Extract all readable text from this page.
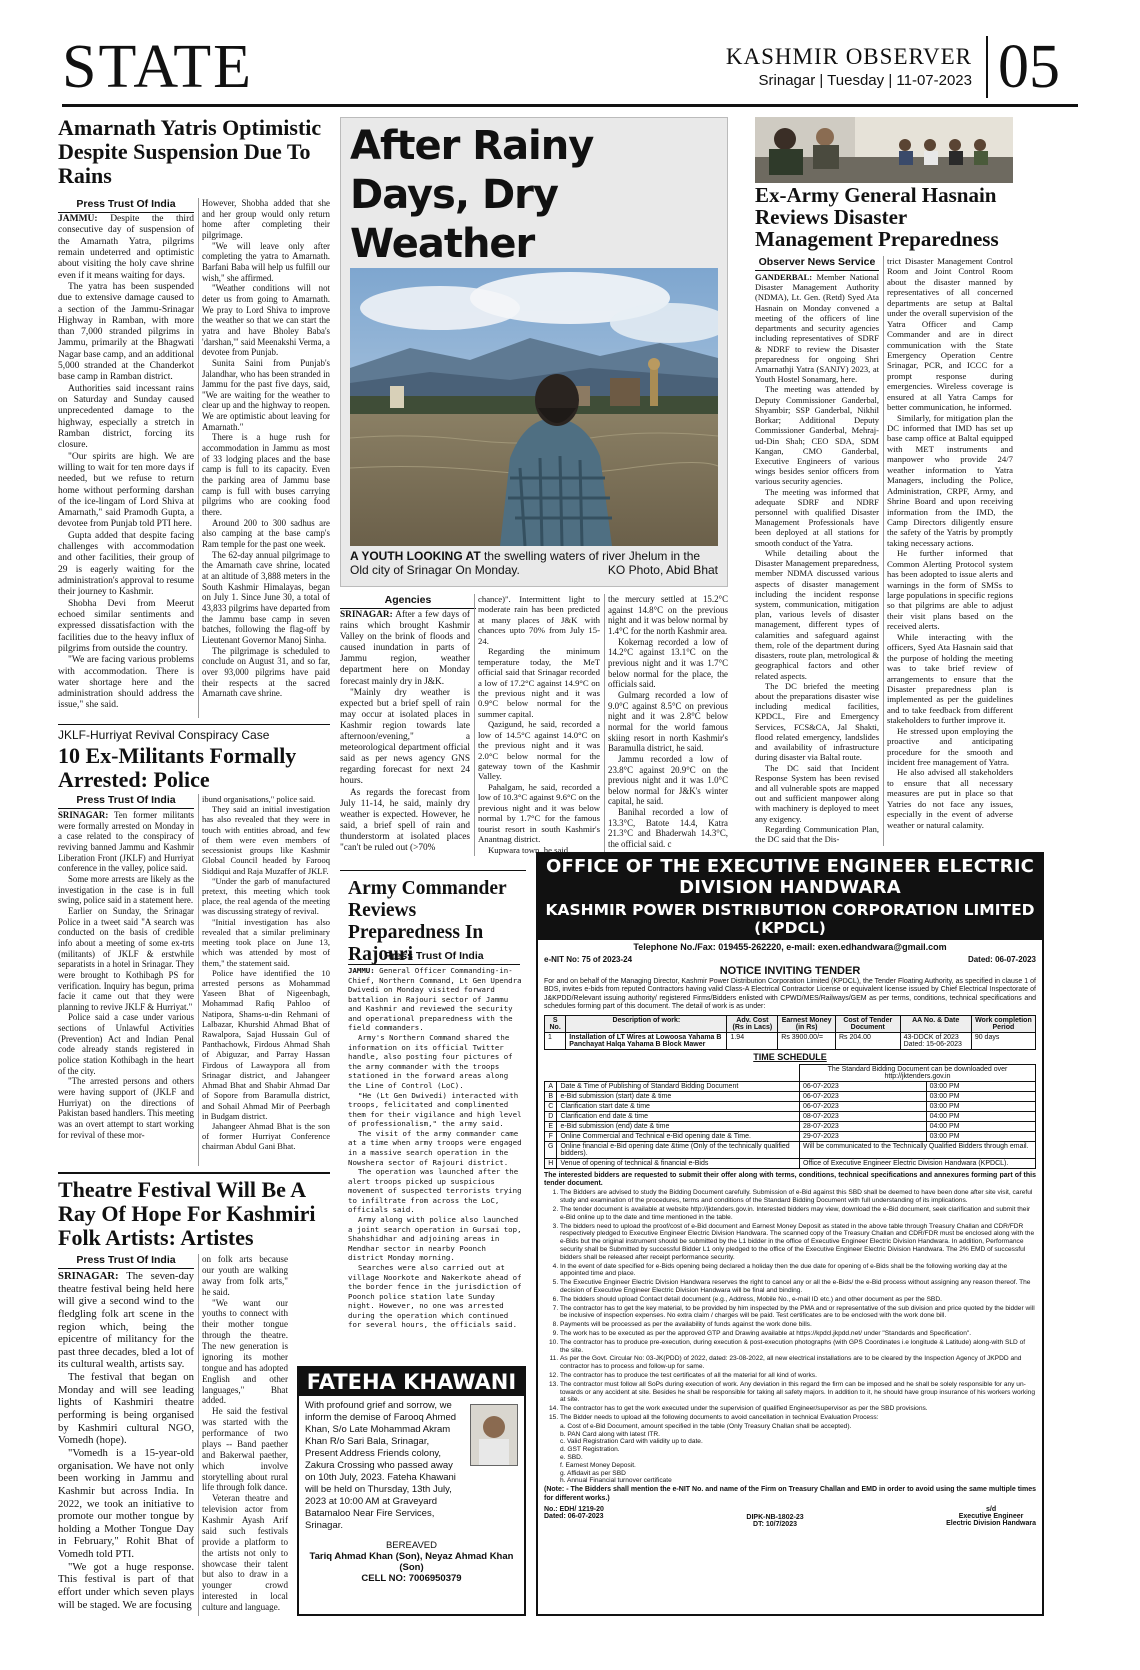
STATE	KASHMIR OBSERVER
Srinagar | Tuesday | 11-07-2023 05
Amarnath Yatris Optimistic Despite Suspension Due To Rains
Press Trust Of India

JAMMU: Despite the third consecutive day of suspension of the Amarnath Yatra, pilgrims remain undeterred and optimistic about visiting the holy cave shrine even if it means waiting for days.

The yatra has been suspended due to extensive damage caused to a section of the Jammu-Srinagar Highway in Ramban, with more than 7,000 stranded pilgrims in Jammu, primarily at the Bhagwati Nagar base camp, and an additional 5,000 stranded at the Chanderkot base camp in Ramban district.

Authorities said incessant rains on Saturday and Sunday caused unprecedented damage to the highway, especially a stretch in Ramban district, forcing its closure.

"Our spirits are high. We are willing to wait for ten more days if needed, but we refuse to return home without performing darshan of the ice-lingam of Lord Shiva at Amarnath," said Pramodh Gupta, a devotee from Punjab told PTI here.

Gupta added that despite facing challenges with accommodation and other facilities, their group of 29 is eagerly waiting for the administration's approval to resume their journey to Kashmir.

Shobha Devi from Meerut echoed similar sentiments and expressed dissatisfaction with the facilities due to the heavy influx of pilgrims from outside the country.

"We are facing various problems with accommodation. There is water shortage here and the administration should address the issue," she said.

However, Shobha added that she and her group would only return home after completing their pilgrimage.

"We will leave only after completing the yatra to Amarnath. Barfani Baba will help us fulfill our wish," she affirmed.

"Weather conditions will not deter us from going to Amarnath. We pray to Lord Shiva to improve the weather so that we can start the yatra and have Bholey Baba's 'darshan,'" said Meenakshi Verma, a devotee from Punjab.

Sunita Saini from Punjab's Jalandhar, who has been stranded in Jammu for the past five days, said, "We are waiting for the weather to clear up and the highway to reopen. We are optimistic about leaving for Amarnath."

There is a huge rush for accommodation in Jammu as most of 33 lodging places and the base camp is full to its capacity. Even the parking area of Jammu base camp is full with buses carrying pilgrims who are cooking food there.

Around 200 to 300 sadhus are also camping at the base camp's Ram temple for the past one week.

The 62-day annual pilgrimage to the Amarnath cave shrine, located at an altitude of 3,888 meters in the South Kashmir Himalayas, began on July 1. Since June 30, a total of 43,833 pilgrims have departed from the Jammu base camp in seven batches, following the flag-off by Lieutenant Governor Manoj Sinha.

The pilgrimage is scheduled to conclude on August 31, and so far, over 93,000 pilgrims have paid their respects at the sacred Amarnath cave shrine.

JKLF-Hurriyat Revival Conspiracy Case
10 Ex-Militants Formally Arrested: Police
Press Trust Of India

SRINAGAR: Ten former militants were formally arrested on Monday in a case related to the conspiracy of reviving banned Jammu and Kashmir Liberation Front (JKLF) and Hurriyat conference in the valley, police said.

Some more arrests are likely as the investigation in the case is in full swing, police said in a statement here.

Earlier on Sunday, the Srinagar Police in a tweet said "A search was conducted on the basis of credible info about a meeting of some ex-trts (militants) of JKLF & erstwhile separatists in a hotel in Srinagar. They were brought to Kothibagh PS for verification. Inquiry has begun, prima facie it came out that they were planning to revive JKLF & Hurriyat."

Police said a case under various sections of Unlawful Activities (Prevention) Act and Indian Penal code already stands registered in police station Kothibagh in the heart of the city.

"The arrested persons and others were having support of (JKLF and Hurriyat) on the directions of Pakistan based handlers. This meeting was an overt attempt to start working for revival of these mor-

ibund organisations," police said.

They said an initial investigation has also revealed that they were in touch with entities abroad, and few of them were even members of secessionist groups like Kashmir Global Council headed by Farooq Siddiqui and Raja Muzaffer of JKLF.

"Under the garb of manufactured pretext, this meeting which took place, the real agenda of the meeting was discussing strategy of revival.

"Initial investigation has also revealed that a similar preliminary meeting took place on June 13, which was attended by most of them," the statement said.

Police have identified the 10 arrested persons as Mohammad Yaseen Bhat of Nigeenbagh, Mohammad Rafiq Pahloo of Natipora, Shams-u-din Rehmani of Lalbazar, Khurshid Ahmad Bhat of Rawalpora, Sajad Hussain Gul of Panthachowk, Firdous Ahmad Shah of Abiguzar, and Parray Hassan Firdous of Lawaypora all from Srinagar district, and Jahangeer Ahmad Bhat and Shabir Ahmad Dar of Sopore from Baramulla district, and Sohail Ahmad Mir of Peerbagh in Budgam district.

Jahangeer Ahmad Bhat is the son of former Hurriyat Conference chairman Abdul Gani Bhat.

Theatre Festival Will Be A Ray Of Hope For Kashmiri Folk Artists: Artistes
Press Trust Of India

SRINAGAR: The seven-day theatre festival being held here will give a second wind to the fledgling folk art scene in the region which, being the epicentre of militancy for the past three decades, bled a lot of its cultural wealth, artists say.

The festival that began on Monday and will see leading lights of Kashmiri theatre performing is being organised by Kashmiri cultural NGO, Vomedh (hope).

"Vomedh is a 15-year-old organisation. We have not only been working in Jammu and Kashmir but across India. In 2022, we took an initiative to promote our mother tongue by holding a Mother Tongue Day in February," Rohit Bhat of Vomedh told PTI.

"We got a huge response. This festival is part of that effort under which seven plays will be staged. We are focusing

on folk arts because our youth are walking away from folk arts," he said.

"We want our youths to connect with their mother tongue through the theatre. The new generation is ignoring its mother tongue and has adopted English and other languages," Bhat added.

He said the festival was started with the performance of two plays -- Band paether and Bakerwal paether, which involve storytelling about rural life through folk dance.

Veteran theatre and television actor from Kashmir Ayash Arif said such festivals provide a platform to the artists not only to showcase their talent but also to draw in a younger crowd interested in local culture and language.

After Rainy Days, Dry Weather
A YOUTH LOOKING AT the swelling waters of river Jhelum in the Old city of Srinagar On Monday.	KO Photo, Abid Bhat
Agencies

SRINAGAR: After a few days of rains which brought Kashmir Valley on the brink of floods and caused inundation in parts of Jammu region, weather department here on Monday forecast mainly dry in J&K.

"Mainly dry weather is expected but a brief spell of rain may occur at isolated places in Kashmir region towards late afternoon/evening," a meteorological department official said as per news agency GNS regarding forecast for next 24 hours.

As regards the forecast from July 11-14, he said, mainly dry weather is expected. However, he said, a brief spell of rain and thunderstorm at isolated places "can't be ruled out (>70%

chance)". Intermittent light to moderate rain has been predicted at many places of J&K with chances upto 70% from July 15-24.

Regarding the minimum temperature today, the MeT official said that Srinagar recorded a low of 17.2°C against 14.9°C on the previous night and it was 0.9°C below normal for the summer capital.

Qazigund, he said, recorded a low of 14.5°C against 14.0°C on the previous night and it was 2.0°C below normal for the gateway town of the Kashmir Valley.

Pahalgam, he said, recorded a low of 10.3°C against 9.6°C on the previous night and it was below normal by 1.7°C for the famous tourist resort in south Kashmir's Anantnag district.

Kupwara town, he said,

the mercury settled at 15.2°C against 14.8°C on the previous night and it was below normal by 1.4°C for the north Kashmir area.

Kokernag recorded a low of 14.2°C against 13.1°C on the previous night and it was 1.7°C below normal for the place, the officials said.

Gulmarg recorded a low of 9.0°C against 8.5°C on previous night and it was 2.8°C below normal for the world famous skiing resort in north Kashmir's Baramulla district, he said.

Jammu recorded a low of 23.8°C against 20.9°C on the previous night and it was 1.0°C below normal for J&K's winter capital, he said.

Banihal recorded a low of 13.3°C, Batote 14.4, Katra 21.3°C and Bhaderwah 14.3°C, the official said. c

Ex-Army General Hasnain Reviews Disaster Management Preparedness
Observer News Service

GANDERBAL: Member National Disaster Management Authority (NDMA), Lt. Gen. (Retd) Syed Ata Hasnain on Monday convened a meeting of the officers of line departments and security agencies including representatives of SDRF & NDRF to review the Disaster preparedness for ongoing Shri Amarnathji Yatra (SANJY) 2023, at Youth Hostel Sonamarg, here.

The meeting was attended by Deputy Commissioner Ganderbal, Shyambir; SSP Ganderbal, Nikhil Borkar; Additional Deputy Commissioner Ganderbal, Mehraj-ud-Din Shah; CEO SDA, SDM Kangan, CMO Ganderbal, Executive Engineers of various wings besides senior officers from various security agencies.

The meeting was informed that adequate SDRF and NDRF personnel with qualified Disaster Management Professionals have been deployed at all stations for smooth conduct of the Yatra.

While detailing about the Disaster Management preparedness, member NDMA discussed various aspects of disaster management including the incident response system, communication, mitigation plan, various levels of disaster management, different types of calamities and safeguard against them, role of the department during disasters, route plan, metrological & geographical factors and other related aspects.

The DC briefed the meeting about the preparations disaster wise including medical facilities, KPDCL, Fire and Emergency Services, FCS&CA, Jal Shakti, flood related emergency, landslides and availability of infrastructure during disaster via Baltal route.

The DC said that Incident Response System has been revised and all vulnerable spots are mapped out and sufficient manpower along with machinery is deployed to meet any exigency.

Regarding Communication Plan, the DC said that the Dis-

trict Disaster Management Control Room and Joint Control Room about the disaster manned by representatives of all concerned departments are setup at Baltal under the overall supervision of the Yatra Officer and Camp Commander and are in direct communication with the State Emergency Operation Centre Srinagar, PCR, and ICCC for a prompt response during emergencies. Wireless coverage is ensured at all Yatra Camps for better communication, he informed.

Similarly, for mitigation plan the DC informed that IMD has set up base camp office at Baltal equipped with MET instruments and manpower who provide 24/7 weather information to Yatra Managers, including the Police, Administration, CRPF, Army, and Shrine Board and upon receiving information from the IMD, the Camp Directors diligently ensure the safety of the Yatris by promptly taking necessary actions.

He further informed that Common Alerting Protocol system has been adopted to issue alerts and warnings in the form of SMSs to large populations in specific regions so that pilgrims are able to adjust their visit plans based on the received alerts.

While interacting with the officers, Syed Ata Hasnain said that the purpose of holding the meeting was to take brief review of arrangements to ensure that the Disaster preparedness plan is implemented as per the guidelines and to take feedback from different stakeholders to further improve it.

He stressed upon employing the proactive and anticipating procedure for the smooth and incident free management of Yatra.

He also advised all stakeholders to ensure that all necessary measures are put in place so that Yatries do not face any issues, especially in the event of adverse weather or natural calamity.

Army Commander Reviews Preparedness In Rajouri
Press Trust Of India

JAMMU: General Officer Commanding-in-Chief, Northern Command, Lt Gen Upendra Dwivedi on Monday visited forward battalion in Rajouri sector of Jammu and Kashmir and reviewed the security and operational preparedness with the field commanders.

Army's Northern Command shared the information on its official Twitter handle, also posting four pictures of the army commander with the troops stationed in the forward areas along the Line of Control (LoC).

"He (Lt Gen Dwivedi) interacted with troops, felicitated and complimented them for their vigilance and high level of professionalism," the army said.

The visit of the army commander came at a time when army troops were engaged in a massive search operation in the Nowshera sector of Rajouri district.

The operation was launched after the alert troops picked up suspicious movement of suspected terrorists trying to infiltrate from across the LoC, officials said.

Army along with police also launched a joint search operation in Gursai top, Shahshidhar and adjoining areas in Mendhar sector in nearby Poonch district Monday morning.

Searches were also carried out at village Noorkote and Nakerkote ahead of the border fence in the jurisdiction of Poonch police station late Sunday night. However, no one was arrested during the operation which continued for several hours, the officials said.

FATEHA KHAWANI
With profound grief and sorrow, we inform the demise of Farooq Ahmed Khan, S/o Late Mohammad Akram Khan R/o Sari Bala, Srinagar, Present Address Friends colony, Zakura Crossing who passed away on 10th July, 2023. Fateha Khawani will be held on Thursday, 13th July, 2023 at 10:00 AM at Graveyard Batamaloo Near Fire Services, Srinagar.
BEREAVED
Tariq Ahmad Khan (Son), Neyaz Ahmad Khan (Son)
CELL NO: 7006950379
OFFICE OF THE EXECUTIVE ENGINEER ELECTRIC DIVISION HANDWARA
KASHMIR POWER DISTRIBUTION CORPORATION LIMITED (KPDCL)
Telephone No./Fax: 019455-262220, e-mail: exen.edhandwara@gmail.com
e-NIT No: 75 of 2023-24	Dated: 06-07-2023
NOTICE INVITING TENDER
For and on behalf of the Managing Director, Kashmir Power Distribution Corporation Limited (KPDCL), the Tender Floating Authority, as specified in clause 1 of BDS, invites e-bids from reputed Contractors having valid Class-A Electrical Contractor License or equivalent license issued by Chief Electrical Inspectorate of J&KPDD/Relevant issuing authority/ registered Firms/Bidders enlisted with CPWD/MES/Railways/GEM as per terms, conditions, technical specifications and schedules forming part of this document. The detail of work is as under:
S No.	Description of work:	Adv. Cost (Rs in Lacs)	Earnest Money (in Rs)	Cost of Tender Document	AA No. & Date	Work completion Period
1	Installation of LT Wires at Lowoosa Yahama B Panchayat Halqa Yahama B Block Mawer	1.94	Rs 3900.00/=	Rs 204.00	43-DDCK of 2023 Dated: 15-06-2023	90 days
TIME SCHEDULE
		The Standard Bidding Document can be downloaded over http://jktenders.gov.in	
A	Date & Time of Publishing of Standard Bidding Document	06-07-2023	03:00 PM
B	e-Bid submission (start) date & time	06-07-2023	03:00 PM
C	Clarification start date & time	06-07-2023	03:00 PM
D	Clarification end date & time	08-07-2023	04:00 PM
E	e-Bid submission (end) date & time	28-07-2023	04:00 PM
F	Online Commercial and Technical e-Bid opening date & Time.	29-07-2023	03:00 PM
G	Online financial e-Bid opening date &time (Only of the technically qualified bidders).	Will be communicated to the Technically Qualified Bidders through email.	
H	Venue of opening of technical & financial e-Bids	Office of Executive Engineer Electric Division Handwara (KPDCL).	
The interested bidders are requested to submit their offer along with terms, conditions, technical specifications and annexures forming part of this tender document.
1. The Bidders are advised to study the Bidding Document carefully. Submission of e-Bid against this SBD shall be deemed to have been done after site visit, careful study and examination of the procedures, terms and conditions of the Standard Bidding Document with full understanding of its implications.
2. The tender document is available at website http://jktenders.gov.in. Interested bidders may view, download the e-Bid document, seek clarification and submit their e-Bid online up to the date and time mentioned in the table.
3. The bidders need to upload the proof/cost of e-Bid document and Earnest Money Deposit as stated in the above table through Treasury Challan and CDR/FDR respectively pledged to Executive Engineer Electric Division Handwara. The scanned copy of the Treasury Challan and CDR/FDR must be enclosed along with the e-Bids but the original instrument should be submitted by the L1 bidder in the office of Executive Engineer Electric Division Handwara. In addition, Performance security shall be Submitted by successful Bidder L1 only pledged to the office of the Executive Engineer Electric Division Handwara. The 2% EMD of successful bidders shall be released after receipt performance security.
4. In the event of date specified for e-Bids opening being declared a holiday then the due date for opening of e-Bids shall be the following working day at the appointed time and place.
5. The Executive Engineer Electric Division Handwara reserves the right to cancel any or all the e-Bids/ the e-Bid process without assigning any reason thereof. The decision of Executive Engineer Electric Division Handwara will be final and binding.
6. The bidders should upload Contact detail document (e.g., Address, Mobile No., e-mail ID etc.) and other document as per the SBD.
7. The contractor has to get the key material, to be provided by him inspected by the PMA and or representative of the sub division and price quoted by the bidder will be inclusive of inspection expenses. No extra claim / charges will be paid. Test certificates are to be enclosed with the work done bill.
8. Payments will be processed as per the availability of funds against the work done bills.
9. The work has to be executed as per the approved GTP and Drawing available at https://kpdcl.jkpdd.net/ under "Standards and Specification".
10. The contractor has to produce pre-execution, during execution & post-execution photographs (with GPS Coordinates i.e longitude & Latitude) along-with SLD of the site.
11. As per the Govt. Circular No: 03-JK(PDD) of 2022, dated: 23-08-2022, all new electrical installations are to be cleared by the Inspection Agency of JKPDD and contractor has to process and follow-up for same.
12. The contractor has to produce the test certificates of all the material for all kind of works.
13. The contractor must follow all SoPs during execution of work. Any deviation in this regard the firm can be imposed and he shall be solely responsible for any un-towards or any accident at site. Besides he shall be responsible for taking all safety majors. In addition to it, he should have group insurance of his workers working at site.
14. The contractor has to get the work executed under the supervision of qualified Engineer/supervisor as per the SBD provisions.
15. The Bidder needs to upload all the following documents to avoid cancellation in technical Evaluation Process:
a. Cost of e-Bid Document, amount specified in the table (Only Treasury Challan shall be accepted).
b. PAN Card along with latest ITR.
c. Valid Registration Card with validity up to date.
d. GST Registration.
e. SBD.
f. Earnest Money Deposit.
g. Affidavit as per SBD
h. Annual Financial turnover certificate
(Note: - The Bidders shall mention the e-NIT No. and name of the Firm on Treasury Challan and EMD in order to avoid using the same multiple times for different works.)
No.: EDH/ 1219-20
Dated: 06-07-2023	DIPK-NB-1802-23
DT: 10/7/2023
s/d
Executive Engineer
Electric Division Handwara
